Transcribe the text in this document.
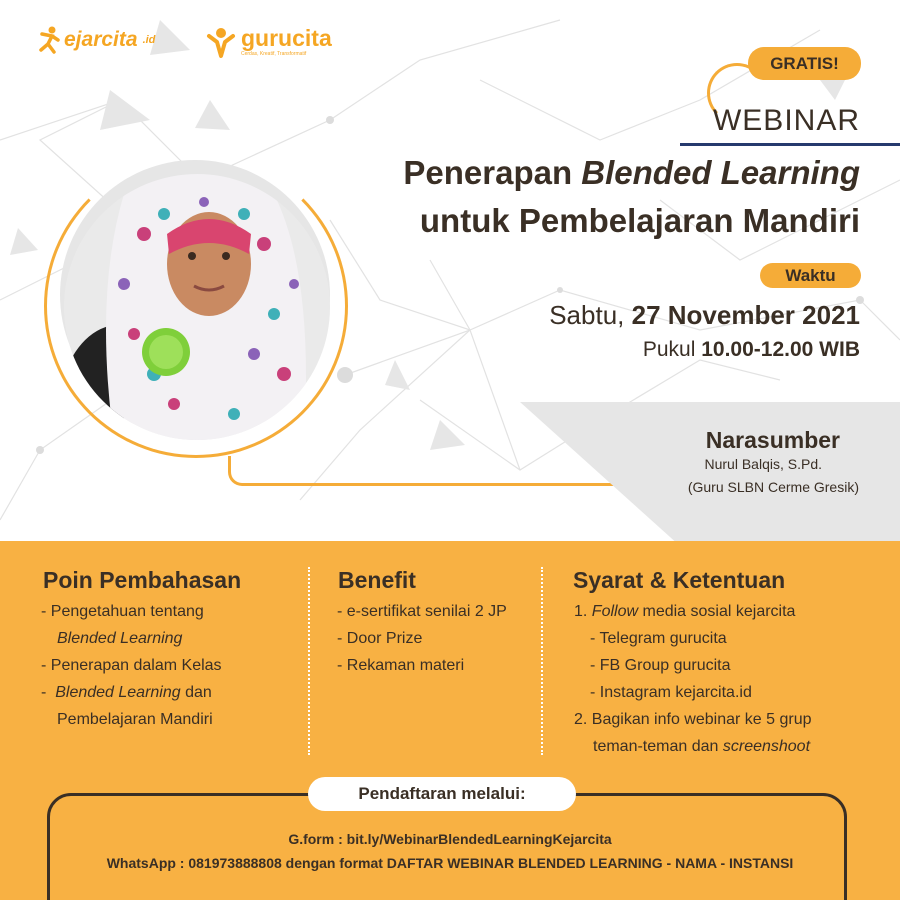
ejarcita .id	gurucita
Cerdas, Kreatif, Transformatif	GRATIS!
WEBINAR
Penerapan Blended Learning
untuk Pembelajaran Mandiri
Waktu
Sabtu, 27 November 2021
Pukul 10.00-12.00 WIB
Narasumber
Nurul Balqis, S.Pd.
(Guru SLBN Cerme Gresik)
Poin Pembahasan
- Pengetahuan tentang
Blended Learning
- Penerapan dalam Kelas
- Blended Learning dan
Pembelajaran Mandiri
Benefit
- e-sertifikat senilai 2 JP
- Door Prize
- Rekaman materi
Syarat & Ketentuan
1. Follow media sosial kejarcita
- Telegram gurucita
- FB Group gurucita
- Instagram kejarcita.id
2. Bagikan info webinar ke 5 grup
teman-teman dan screenshoot
Pendaftaran melalui:
G.form : bit.ly/WebinarBlendedLearningKejarcita
WhatsApp : 081973888808 dengan format DAFTAR WEBINAR BLENDED LEARNING - NAMA - INSTANSI
